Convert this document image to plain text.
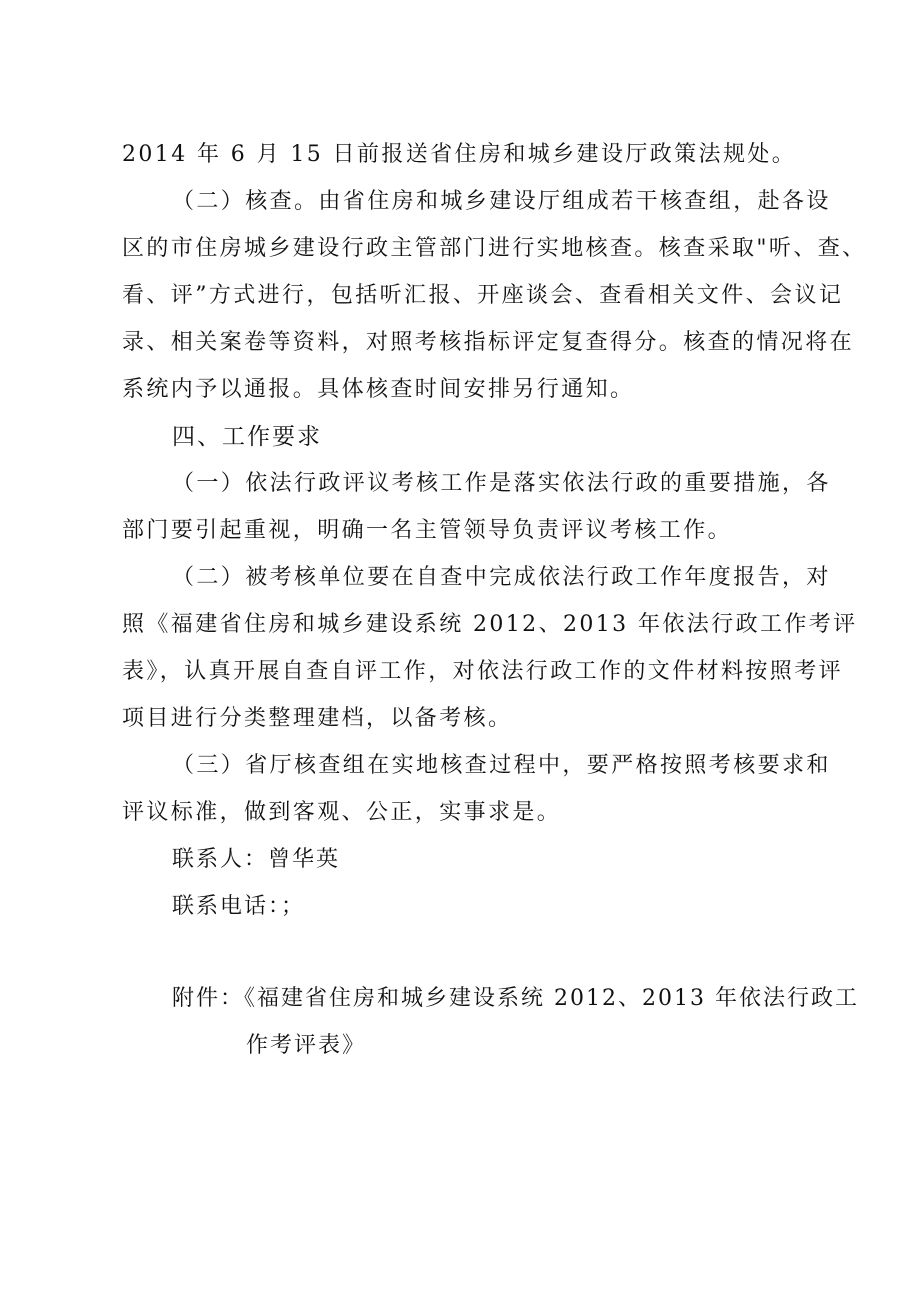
2014 年 6 月 15 日前报送省住房和城乡建设厅政策法规处。
（二）核查。由省住房和城乡建设厅组成若干核查组，赴各设
区的市住房城乡建设行政主管部门进行实地核查。核查采取"听、查、
看、评”方式进行，包括听汇报、开座谈会、查看相关文件、会议记
录、相关案卷等资料，对照考核指标评定复查得分。核查的情况将在
系统内予以通报。具体核查时间安排另行通知。
四、工作要求
（一）依法行政评议考核工作是落实依法行政的重要措施，各
部门要引起重视，明确一名主管领导负责评议考核工作。
（二）被考核单位要在自查中完成依法行政工作年度报告，对
照《福建省住房和城乡建设系统 2012、2013 年依法行政工作考评
表》，认真开展自查自评工作，对依法行政工作的文件材料按照考评
项目进行分类整理建档，以备考核。
（三）省厅核查组在实地核查过程中，要严格按照考核要求和
评议标准，做到客观、公正，实事求是。
联系人：曾华英
联系电话：；
附件：《福建省住房和城乡建设系统 2012、2013 年依法行政工
作考评表》
